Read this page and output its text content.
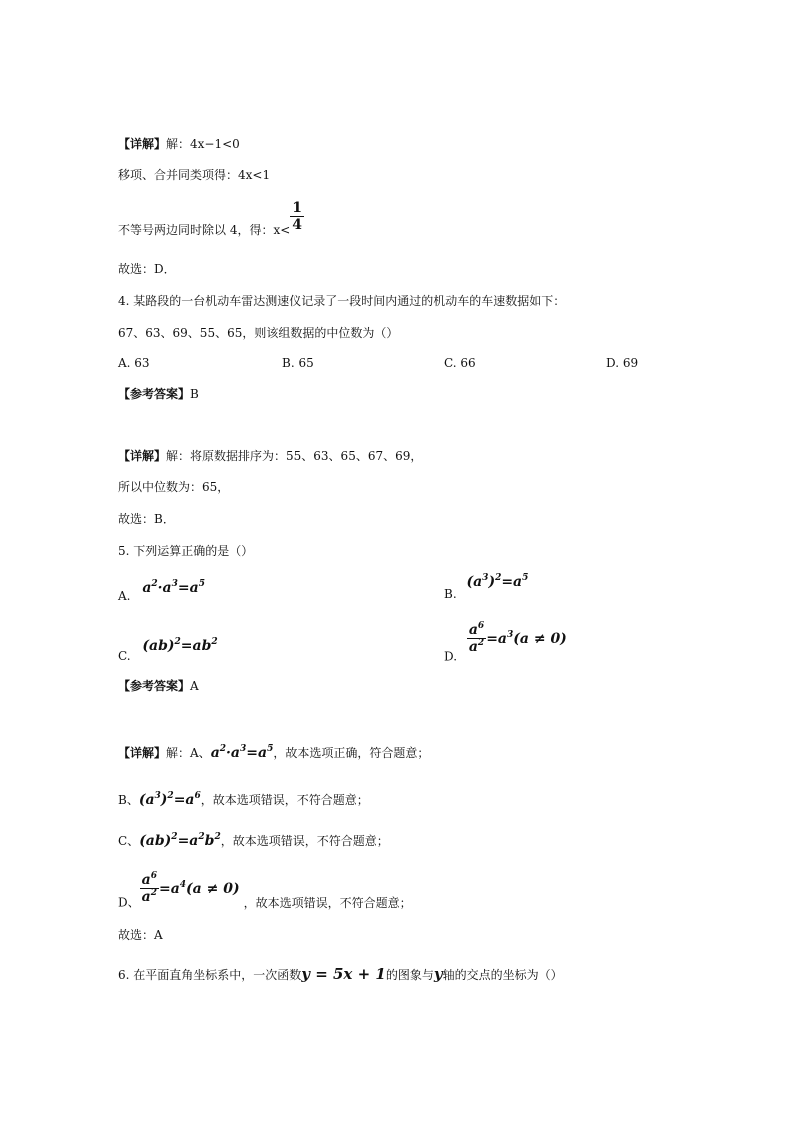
【详解】解：4x−1<0
移项、合并同类项得：4x<1
不等号两边同时除以 4，得：$x< \frac{1}{4}$
故选：D．
4. 某路段的一台机动车雷达测速仪记录了一段时间内通过的机动车的车速数据如下：
67、63、69、55、65，则该组数据的中位数为（）
A. 63	B. 65	C. 66	D. 69
【参考答案】B
【详解】解：将原数据排序为：55、63、65、67、69，
所以中位数为：65，
故选：B．
5. 下列运算正确的是（）
A. $a^2\cdot a^3=a^5$
B. $(a^3)^2=a^5$
C. $(ab)^2=ab^2$
D.
$\frac{a^6}{a^2} =a^3(a \ne 0)$
【参考答案】A
【详解】解：A、$a^2\cdot a^3=a^5$，故本选项正确，符合题意；
B、$(a^3)^2=a^6$，故本选项错误，不符合题意；
C、$(ab)^2=a^2b^2$，故本选项错误，不符合题意；
D、 $\frac{a^6}{a^2} =a^4(a \ne 0)$，故本选项错误，不符合题意；
故选：A
6. 在平面直角坐标系中，一次函数y = 5x + 1的图象与y轴的交点的坐标为（）
